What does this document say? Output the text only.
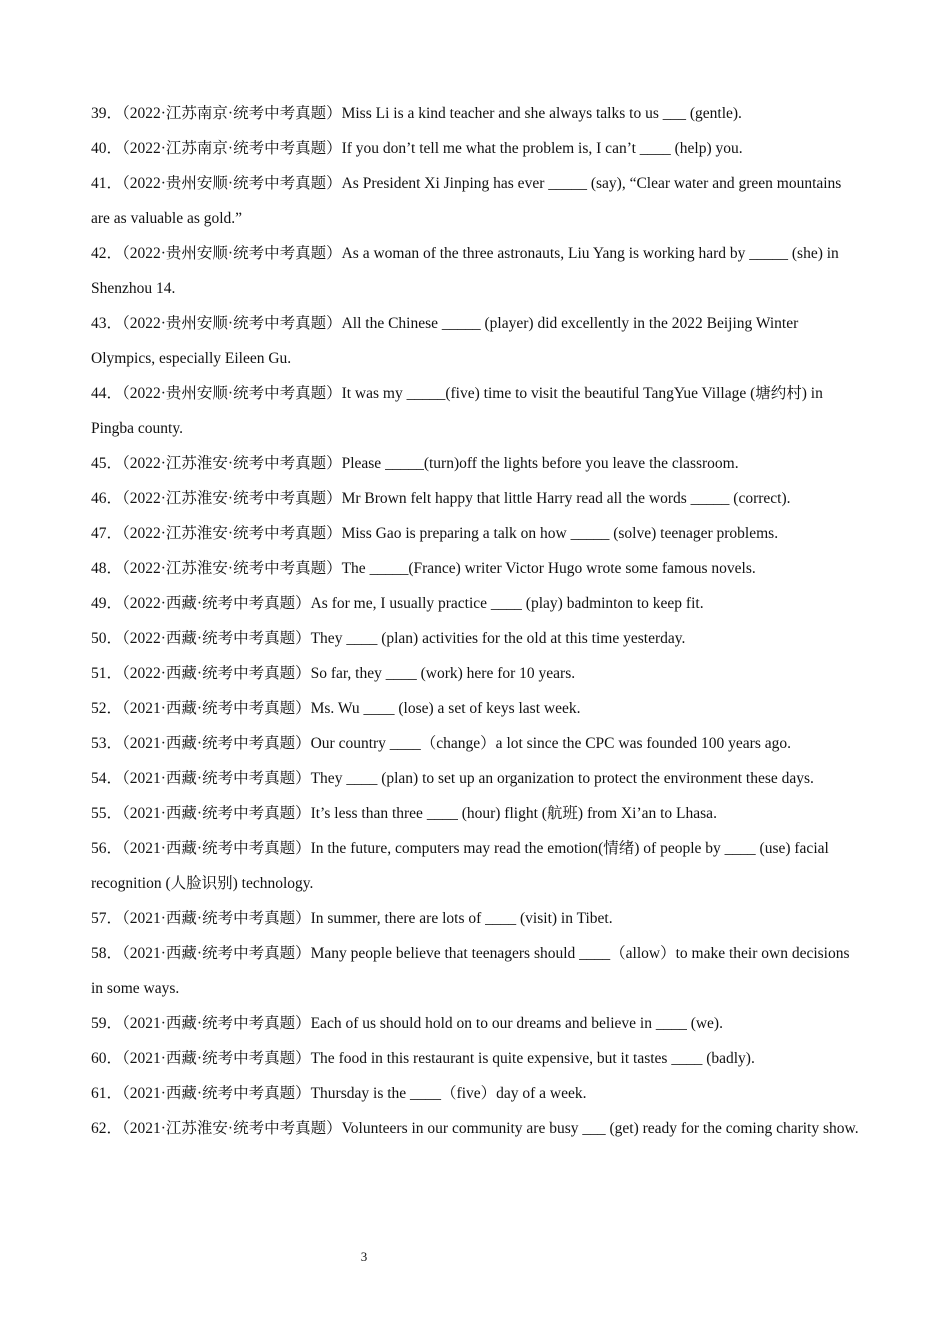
39．（2022·江苏南京·统考中考真题）Miss Li is a kind teacher and she always talks to us ___ (gentle).

40．（2022·江苏南京·统考中考真题）If you don’t tell me what the problem is, I can’t ____ (help) you.

41．（2022·贵州安顺·统考中考真题）As President Xi Jinping has ever _____ (say), “Clear water and green mountains are as valuable as gold.”

42．（2022·贵州安顺·统考中考真题）As a woman of the three astronauts, Liu Yang is working hard by _____ (she) in Shenzhou 14.

43．（2022·贵州安顺·统考中考真题）All the Chinese _____ (player) did excellently in the 2022 Beijing Winter Olympics, especially Eileen Gu.

44．（2022·贵州安顺·统考中考真题）It was my _____(five) time to visit the beautiful TangYue Village (塘约村) in Pingba county.

45．（2022·江苏淮安·统考中考真题）Please _____(turn)off the lights before you leave the classroom.

46．（2022·江苏淮安·统考中考真题）Mr Brown felt happy that little Harry read all the words _____ (correct).

47．（2022·江苏淮安·统考中考真题）Miss Gao is preparing a talk on how _____ (solve) teenager problems.

48．（2022·江苏淮安·统考中考真题）The _____(France) writer Victor Hugo wrote some famous novels.

49．（2022·西藏·统考中考真题）As for me, I usually practice ____ (play) badminton to keep fit.

50．（2022·西藏·统考中考真题）They ____ (plan) activities for the old at this time yesterday.

51．（2022·西藏·统考中考真题）So far, they ____ (work) here for 10 years.

52．（2021·西藏·统考中考真题）Ms. Wu ____ (lose) a set of keys last week.

53．（2021·西藏·统考中考真题）Our country ____（change）a lot since the CPC was founded 100 years ago.

54．（2021·西藏·统考中考真题）They ____ (plan) to set up an organization to protect the environment these days.

55．（2021·西藏·统考中考真题）It’s less than three ____ (hour) flight (航班) from Xi’an to Lhasa.

56．（2021·西藏·统考中考真题）In the future, computers may read the emotion(情绪) of people by ____ (use) facial recognition (人脸识别) technology.

57．（2021·西藏·统考中考真题）In summer, there are lots of ____ (visit) in Tibet.

58．（2021·西藏·统考中考真题）Many people believe that teenagers should ____（allow）to make their own decisions in some ways.

59．（2021·西藏·统考中考真题）Each of us should hold on to our dreams and believe in ____ (we).

60．（2021·西藏·统考中考真题）The food in this restaurant is quite expensive, but it tastes ____ (badly).

61．（2021·西藏·统考中考真题）Thursday is the ____（five）day of a week.

62．（2021·江苏淮安·统考中考真题）Volunteers in our community are busy ___ (get) ready for the coming charity show.

3
